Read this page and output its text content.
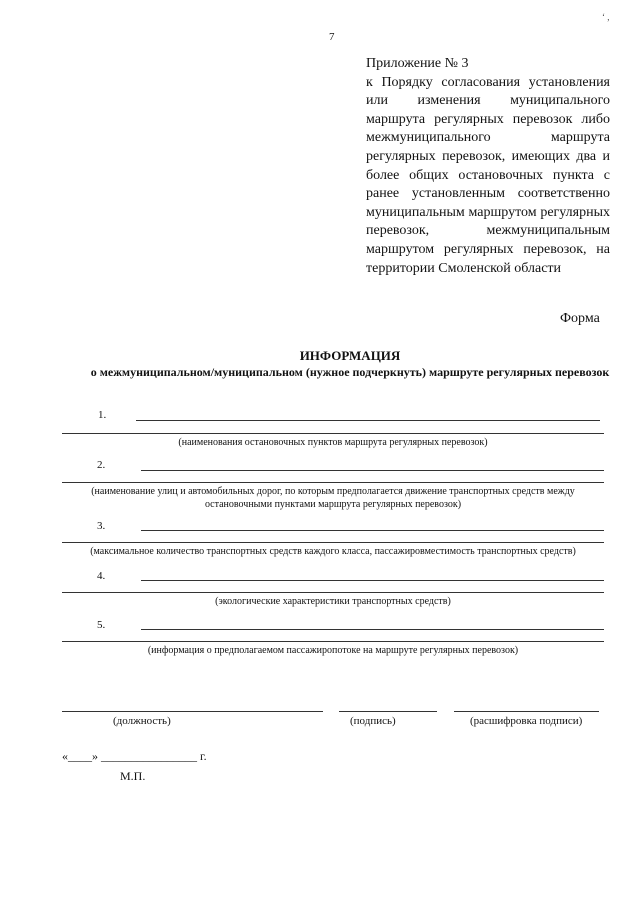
7
‘ ,
Приложение № 3
к Порядку согласования установления или изменения муниципального маршрута регулярных перевозок либо межмуниципального маршрута регулярных перевозок, имеющих два и более общих остановочных пункта с ранее установленным соответственно муниципальным маршрутом регулярных перевозок, межмуниципальным маршрутом регулярных перевозок, на территории Смоленской области
Форма
ИНФОРМАЦИЯ
о межмуниципальном/муниципальном (нужное подчеркнуть) маршруте регулярных перевозок
1.
(наименования остановочных пунктов маршрута регулярных перевозок)
2.
(наименование улиц и автомобильных дорог, по которым предполагается движение транспортных средств между остановочными пунктами маршрута регулярных перевозок)
3.
(максимальное количество транспортных средств каждого класса, пассажировместимость транспортных средств)
4.
(экологические характеристики транспортных средств)
5.
(информация о предполагаемом пассажиропотоке на маршруте регулярных перевозок)
(должность)	(подпись)	(расшифровка подписи)
«____» ________________ г.
М.П.
